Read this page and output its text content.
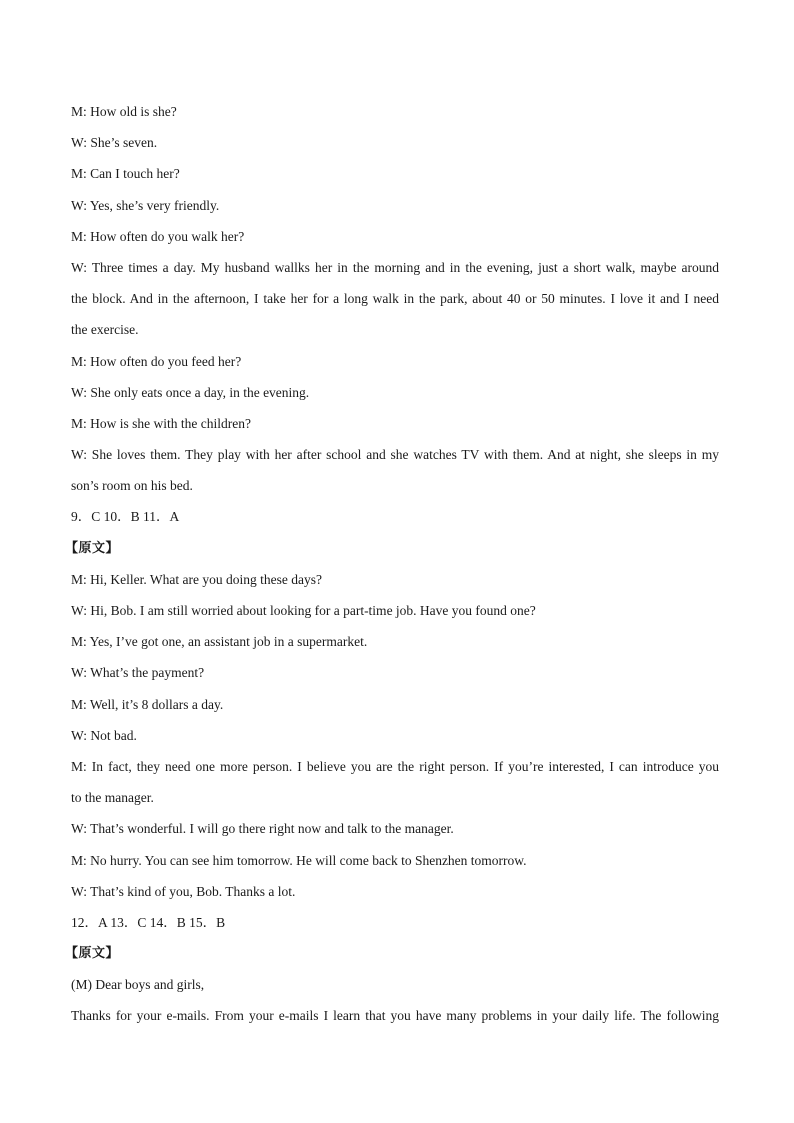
M: How old is she?
W: She’s seven.
M: Can I touch her?
W: Yes, she’s very friendly.
M: How often do you walk her?
W: Three times a day. My husband wallks her in the morning and in the evening, just a short walk, maybe around
the block. And in the afternoon, I take her for a long walk in the park, about 40 or 50 minutes. I love it and I need
the exercise.
M: How often do you feed her?
W: She only eats once a day, in the evening.
M: How is she with the children?
W: She loves them. They play with her after school and she watches TV with them. And at night, she sleeps in my
son’s room on his bed.
9．C 10．B 11．A
【原文】
M: Hi, Keller. What are you doing these days?
W: Hi, Bob. I am still worried about looking for a part-time job. Have you found one?
M: Yes, I’ve got one, an assistant job in a supermarket.
W: What’s the payment?
M: Well, it’s 8 dollars a day.
W: Not bad.
M: In fact, they need one more person. I believe you are the right person. If you’re interested, I can introduce you
to the manager.
W: That’s wonderful. I will go there right now and talk to the manager.
M: No hurry. You can see him tomorrow. He will come back to Shenzhen tomorrow.
W: That’s kind of you, Bob. Thanks a lot.
12．A 13．C 14．B 15．B
【原文】
(M) Dear boys and girls,
Thanks for your e-mails. From your e-mails I learn that you have many problems in your daily life. The following
